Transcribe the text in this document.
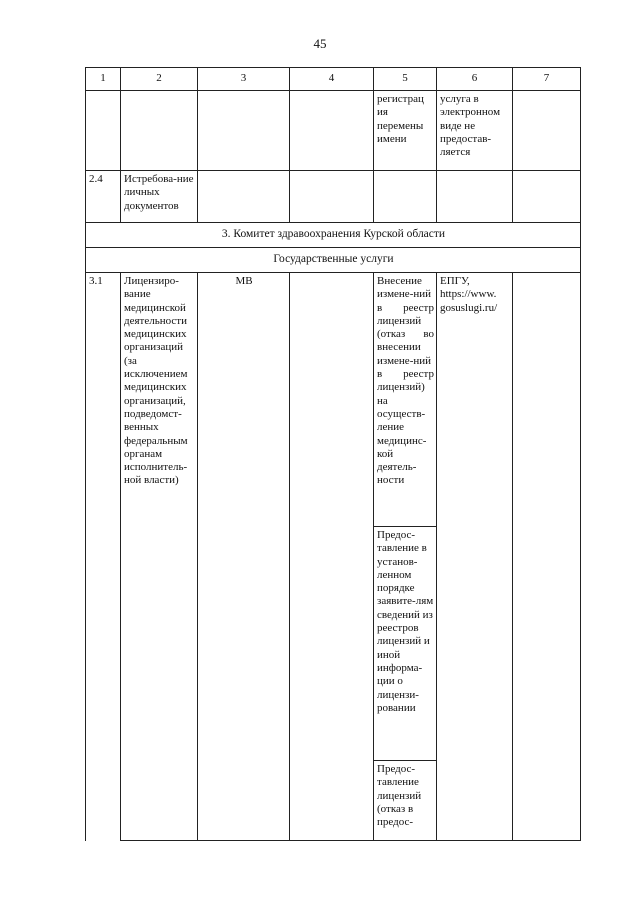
45
1	2	3	4	5	6	7
				регистрац ия перемены имени	услуга в электронном виде не предостав-ляется	
2.4	Истребова-ние личных документов					
3. Комитет здравоохранения Курской области						
Государственные услуги						
3.1	Лицензиро-вание медицинской деятельности медицинских организаций (за исключением медицинских организаций, подведомст-венных федеральным органам исполнитель-ной власти)	МВ		Внесение измене-ний в реестр лицензий (отказ во внесении измене-ний в реестр лицензий) на осуществ-ление медицинс-кой деятель-ности	ЕПГУ, https://www. gosuslugi.ru/	
				Предос-тавление в установ-ленном порядке заявите-лям сведений из реестров лицензий и иной информа-ции о лицензи-ровании		
				Предос-тавление лицензий (отказ в предос-		
